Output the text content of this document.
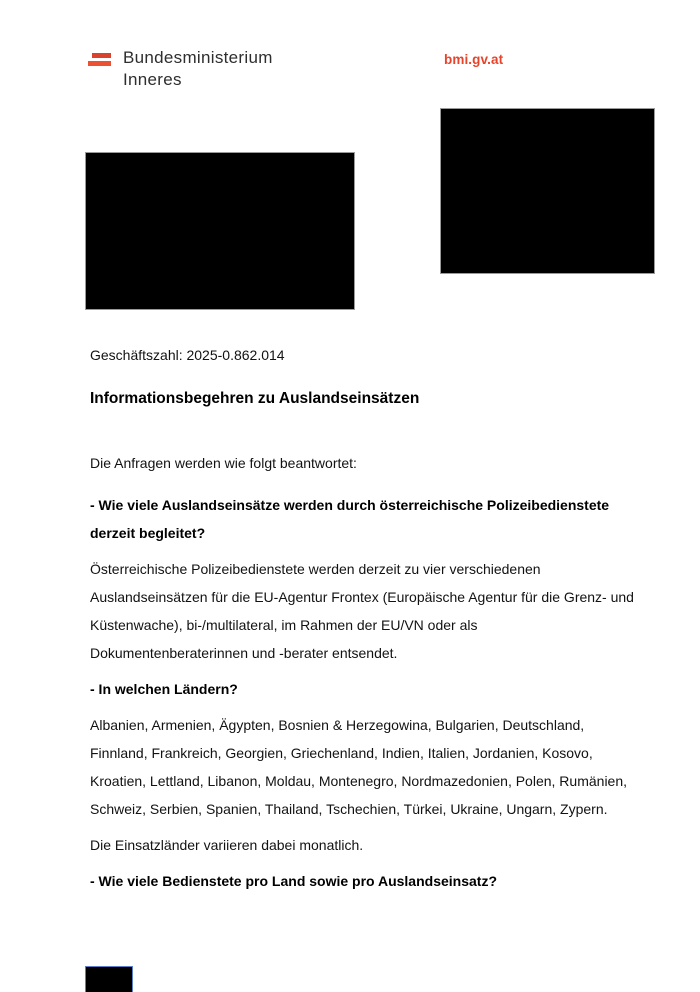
Bundesministerium
Inneres
bmi.gv.at

Geschäftszahl: 2025-0.862.014

Informationsbegehren zu Auslandseinsätzen

Die Anfragen werden wie folgt beantwortet:

- Wie viele Auslandseinsätze werden durch österreichische Polizeibedienstete derzeit begleitet?

Österreichische Polizeibedienstete werden derzeit zu vier verschiedenen Auslandseinsätzen für die EU-Agentur Frontex (Europäische Agentur für die Grenz- und Küstenwache), bi-/multilateral, im Rahmen der EU/VN oder als Dokumentenberaterinnen und -berater entsendet.

- In welchen Ländern?

Albanien, Armenien, Ägypten, Bosnien & Herzegowina, Bulgarien, Deutschland, Finnland, Frankreich, Georgien, Griechenland, Indien, Italien, Jordanien, Kosovo, Kroatien, Lettland, Libanon, Moldau, Montenegro, Nordmazedonien, Polen, Rumänien, Schweiz, Serbien, Spanien, Thailand, Tschechien, Türkei, Ukraine, Ungarn, Zypern.

Die Einsatzländer variieren dabei monatlich.

- Wie viele Bedienstete pro Land sowie pro Auslandseinsatz?
